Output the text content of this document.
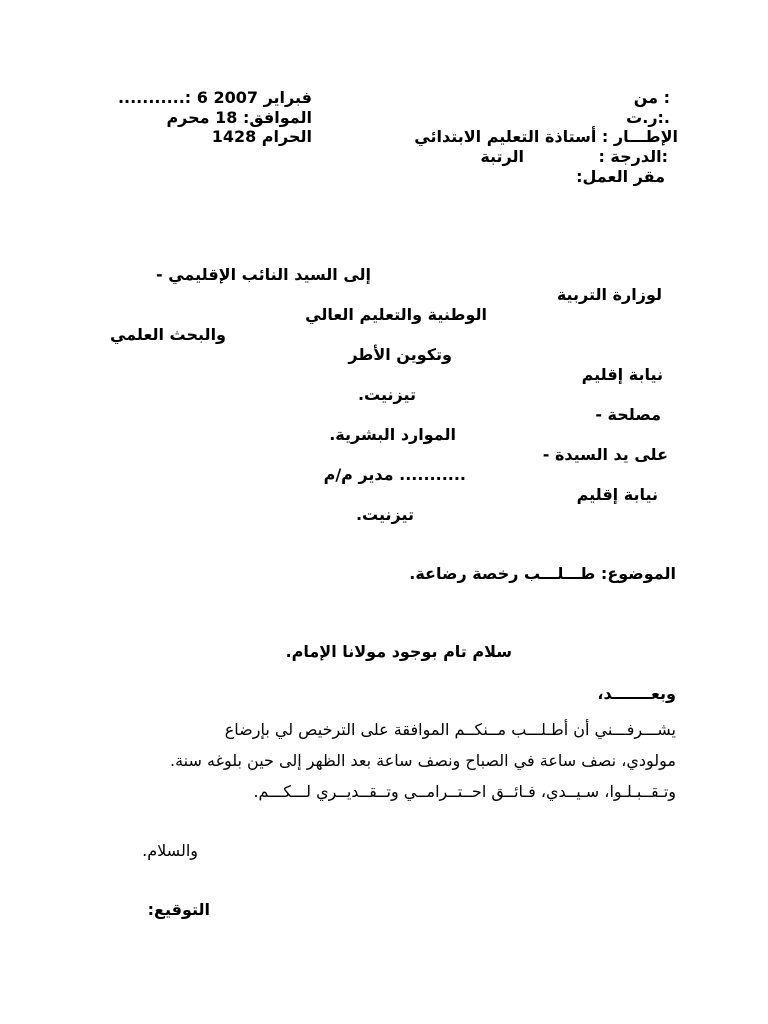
فبراير 2007 6 :...........
الموافق: 18 محرم
الحرام 1428
: من
.:ر.ت
الإطـــار : أستاذة التعليم الابتدائي
:الدرجة :
الرتبة
مقر العمل:
إلى السيد النائب الإقليمي -
لوزارة التربية
الوطنية والتعليم العالي
والبحث العلمي
وتكوين الأطر
نيابة إقليم
تيزنيت.
مصلحة -
الموارد البشرية.
على يد السيدة -
........... مدير م/م
نيابة إقليم
تيزنيت.
الموضوع: طـــلـــب رخصة رضاعة.
سلام تام بوجود مولانا الإمام.
وبعـــــــد،
يشـــرفـــني أن أطـلـــب مــنكــم الموافقة على الترخيص لي بإرضاع
مولودي، نصف ساعة في الصباح ونصف ساعة بعد الظهر إلى حين بلوغه سنة.
وتـقــبـلـوا، سـيــدي، فـائــق احــتــرامــي وتــقــديــري لـــكـــم.
والسلام.
التوقيع:
